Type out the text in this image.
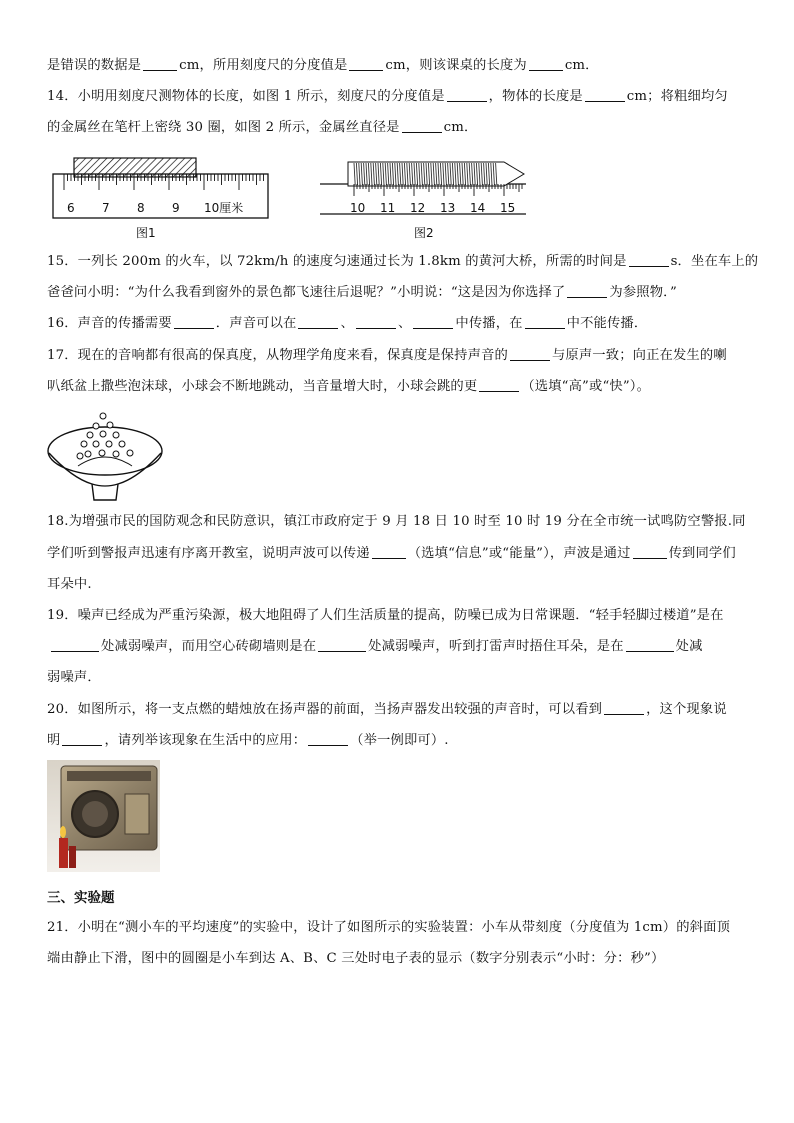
是错误的数据是	cm，所用刻度尺的分度值是	cm，则该课桌的长度为	cm．
14．小明用刻度尺测物体的长度，如图 1 所示，刻度尺的分度值是	，物体的长度是	cm；将粗细均匀
的金属丝在笔杆上密绕 30 圈，如图 2 所示，金属丝直径是	cm．
6 7 8 9 10厘米
图1
10 11 12 13 14 15
图2
15．一列长 200m 的火车，以 72km/h 的速度匀速通过长为 1.8km 的黄河大桥，所需的时间是	s．坐在车上的
爸爸问小明：“为什么我看到窗外的景色都飞速往后退呢？”小明说：“这是因为你选择了	为参照物．”
16．声音的传播需要	．声音可以在	、	、	中传播，在	中不能传播．
17．现在的音响都有很高的保真度，从物理学角度来看，保真度是保持声音的	与原声一致；向正在发生的喇
叭纸盆上撒些泡沫球，小球会不断地跳动，当音量增大时，小球会跳的更	（选填“高”或“快”）。
18.为增强市民的国防观念和民防意识，镇江市政府定于 9 月 18 日 10 时至 10 时 19 分在全市统一试鸣防空警报.同
学们听到警报声迅速有序离开教室，说明声波可以传递	（选填“信息”或“能量”），声波是通过	传到同学们
耳朵中.
19．噪声已经成为严重污染源，极大地阻碍了人们生活质量的提高，防噪已成为日常课题．“轻手轻脚过楼道”是在
处减弱噪声，而用空心砖砌墙则是在	处减弱噪声，听到打雷声时捂住耳朵，是在	处减
弱噪声．
20．如图所示，将一支点燃的蜡烛放在扬声器的前面，当扬声器发出较强的声音时，可以看到	，这个现象说
明	，请列举该现象在生活中的应用：	（举一例即可）.
三、实验题
21．小明在“测小车的平均速度”的实验中，设计了如图所示的实验装置：小车从带刻度（分度值为 1cm）的斜面顶
端由静止下滑，图中的圆圈是小车到达 A、B、C 三处时电子表的显示（数字分别表示“小时：分：秒”）
